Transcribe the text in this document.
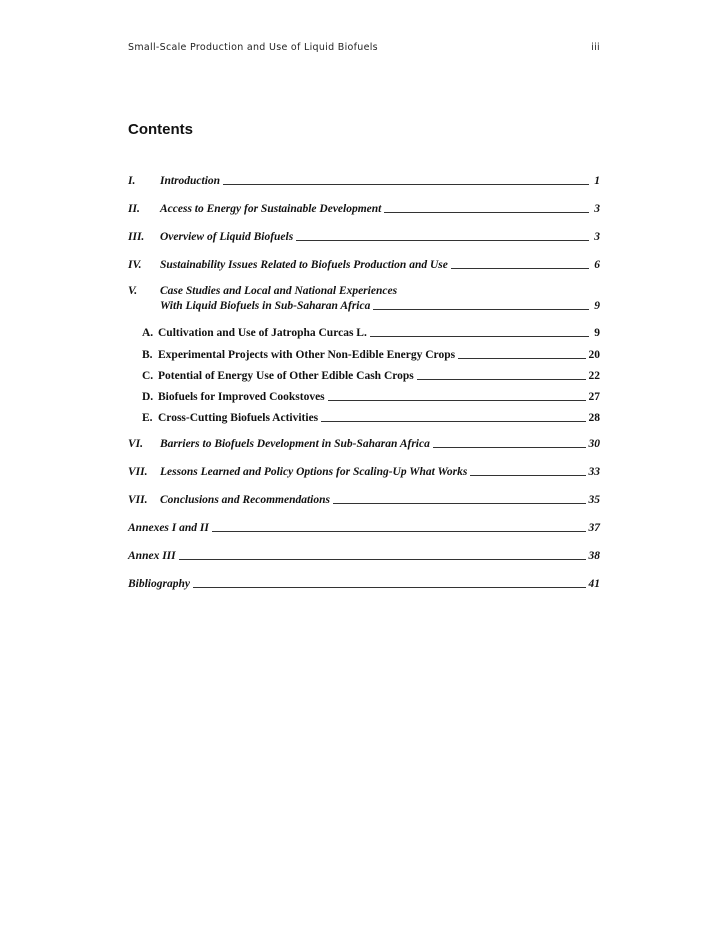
Small-Scale Production and Use of Liquid Biofuels	iii
Contents
I.	Introduction	1
II.	Access to Energy for Sustainable Development	3
III.	Overview of Liquid Biofuels	3
IV.	Sustainability Issues Related to Biofuels Production and Use	6
V.	Case Studies and Local and National Experiences
With Liquid Biofuels in Sub-Saharan Africa	9
A. Cultivation and Use of Jatropha Curcas L.	9
B. Experimental Projects with Other Non-Edible Energy Crops	20
C. Potential of Energy Use of Other Edible Cash Crops	22
D. Biofuels for Improved Cookstoves	27
E. Cross-Cutting Biofuels Activities	28
VI.	Barriers to Biofuels Development in Sub-Saharan Africa	30
VII.	Lessons Learned and Policy Options for Scaling-Up What Works	33
VII.	Conclusions and Recommendations	35
Annexes I and II	37
Annex III	38
Bibliography	41
